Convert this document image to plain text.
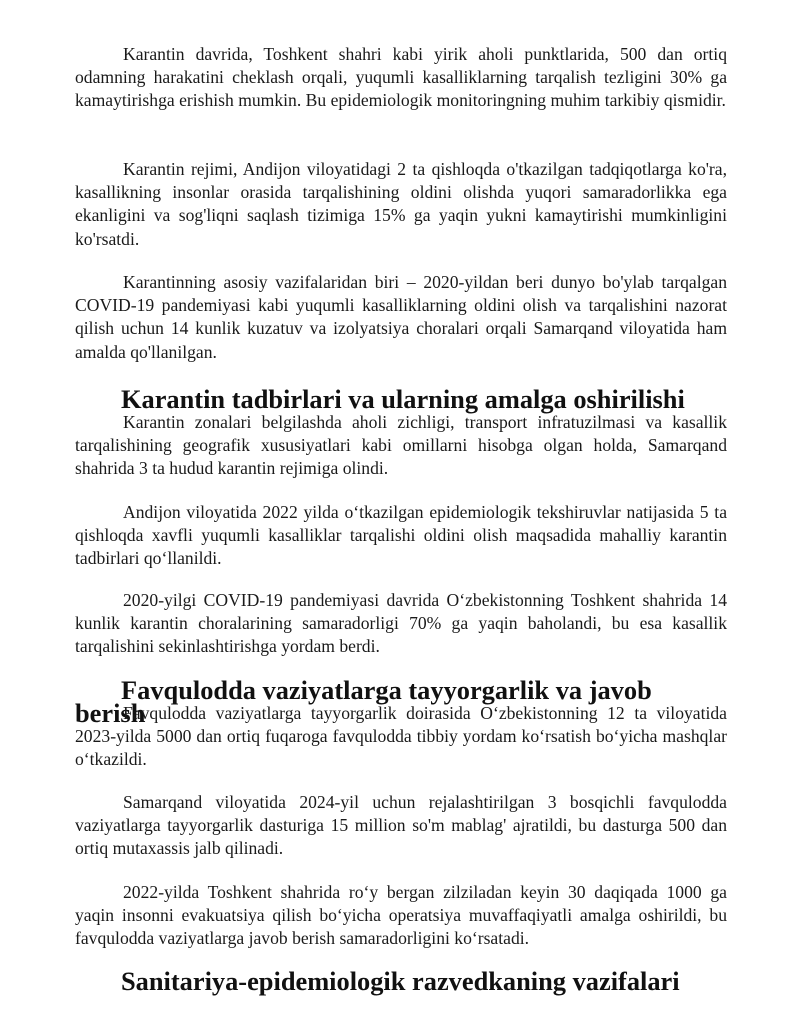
Karantin davrida, Toshkent shahri kabi yirik aholi punktlarida, 500 dan ortiq odamning harakatini cheklash orqali, yuqumli kasalliklarning tarqalish tezligini 30% ga kamaytirishga erishish mumkin. Bu epidemiologik monitoringning muhim tarkibiy qismidir.

Karantin rejimi, Andijon viloyatidagi 2 ta qishloqda o'tkazilgan tadqiqotlarga ko'ra, kasallikning insonlar orasida tarqalishining oldini olishda yuqori samaradorlikka ega ekanligini va sog'liqni saqlash tizimiga 15% ga yaqin yukni kamaytirishi mumkinligini ko'rsatdi.

Karantinning asosiy vazifalaridan biri – 2020-yildan beri dunyo bo'ylab tarqalgan COVID-19 pandemiyasi kabi yuqumli kasalliklarning oldini olish va tarqalishini nazorat qilish uchun 14 kunlik kuzatuv va izolyatsiya choralari orqali Samarqand viloyatida ham amalda qo'llanilgan.

Karantin tadbirlari va ularning amalga oshirilishi

Karantin zonalari belgilashda aholi zichligi, transport infratuzilmasi va kasallik tarqalishining geografik xususiyatlari kabi omillarni hisobga olgan holda, Samarqand shahrida 3 ta hudud karantin rejimiga olindi.

Andijon viloyatida 2022 yilda o‘tkazilgan epidemiologik tekshiruvlar natijasida 5 ta qishloqda xavfli yuqumli kasalliklar tarqalishi oldini olish maqsadida mahalliy karantin tadbirlari qo‘llanildi.

2020-yilgi COVID-19 pandemiyasi davrida O‘zbekistonning Toshkent shahrida 14 kunlik karantin choralarining samaradorligi 70% ga yaqin baholandi, bu esa kasallik tarqalishini sekinlashtirishga yordam berdi.

Favqulodda vaziyatlarga tayyorgarlik va javob berish

Favqulodda vaziyatlarga tayyorgarlik doirasida O‘zbekistonning 12 ta viloyatida 2023-yilda 5000 dan ortiq fuqaroga favqulodda tibbiy yordam ko‘rsatish bo‘yicha mashqlar o‘tkazildi.

Samarqand viloyatida 2024-yil uchun rejalashtirilgan 3 bosqichli favqulodda vaziyatlarga tayyorgarlik dasturiga 15 million so'm mablag' ajratildi, bu dasturga 500 dan ortiq mutaxassis jalb qilinadi.

2022-yilda Toshkent shahrida ro‘y bergan zilziladan keyin 30 daqiqada 1000 ga yaqin insonni evakuatsiya qilish bo‘yicha operatsiya muvaffaqiyatli amalga oshirildi, bu favqulodda vaziyatlarga javob berish samaradorligini ko‘rsatadi.

Sanitariya-epidemiologik razvedkaning vazifalari
